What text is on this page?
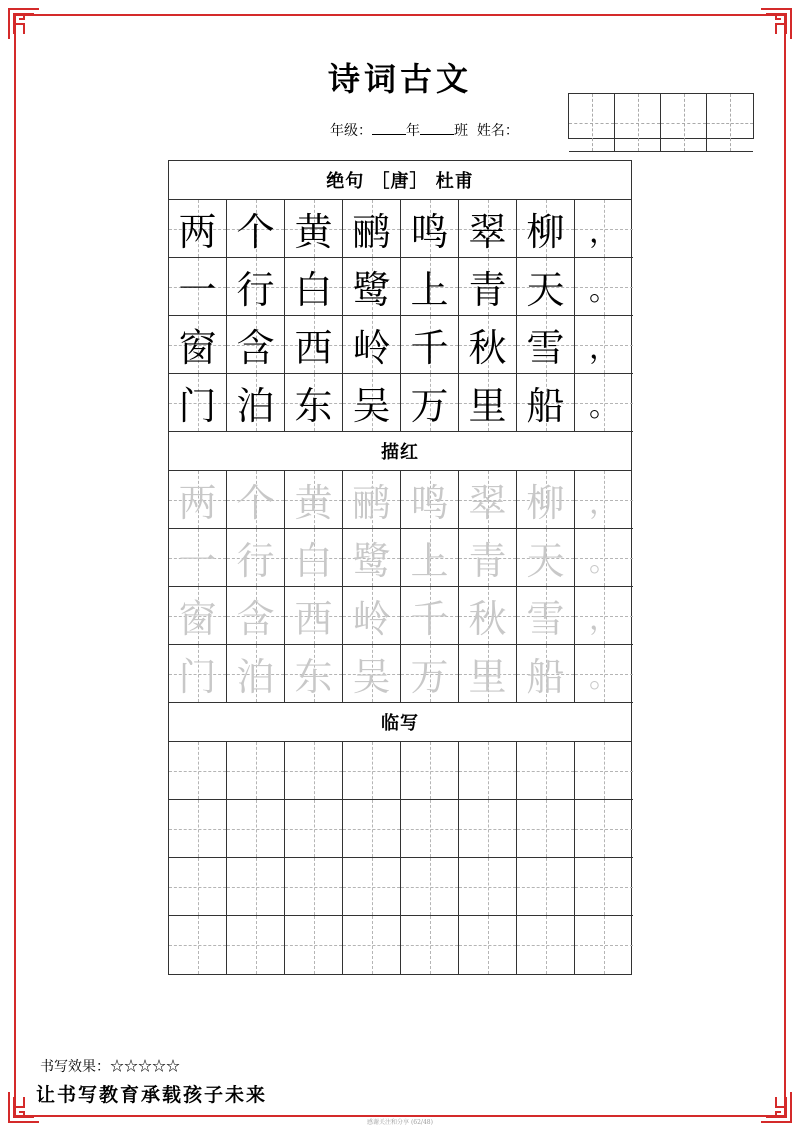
诗词古文
年级： 年 班 姓名：
绝句 ［唐］ 杜甫
两 个 黄 鹂 鸣 翠 柳 ，
一 行 白 鹭 上 青 天 。
窗 含 西 岭 千 秋 雪 ，
门 泊 东 吴 万 里 船 。
描红
两 个 黄 鹂 鸣 翠 柳 ，
一 行 白 鹭 上 青 天 。
窗 含 西 岭 千 秋 雪 ，
门 泊 东 吴 万 里 船 。
临写
书写效果：☆☆☆☆☆
让书写教育承载孩子未来
感谢关注和分享 (62/48)
